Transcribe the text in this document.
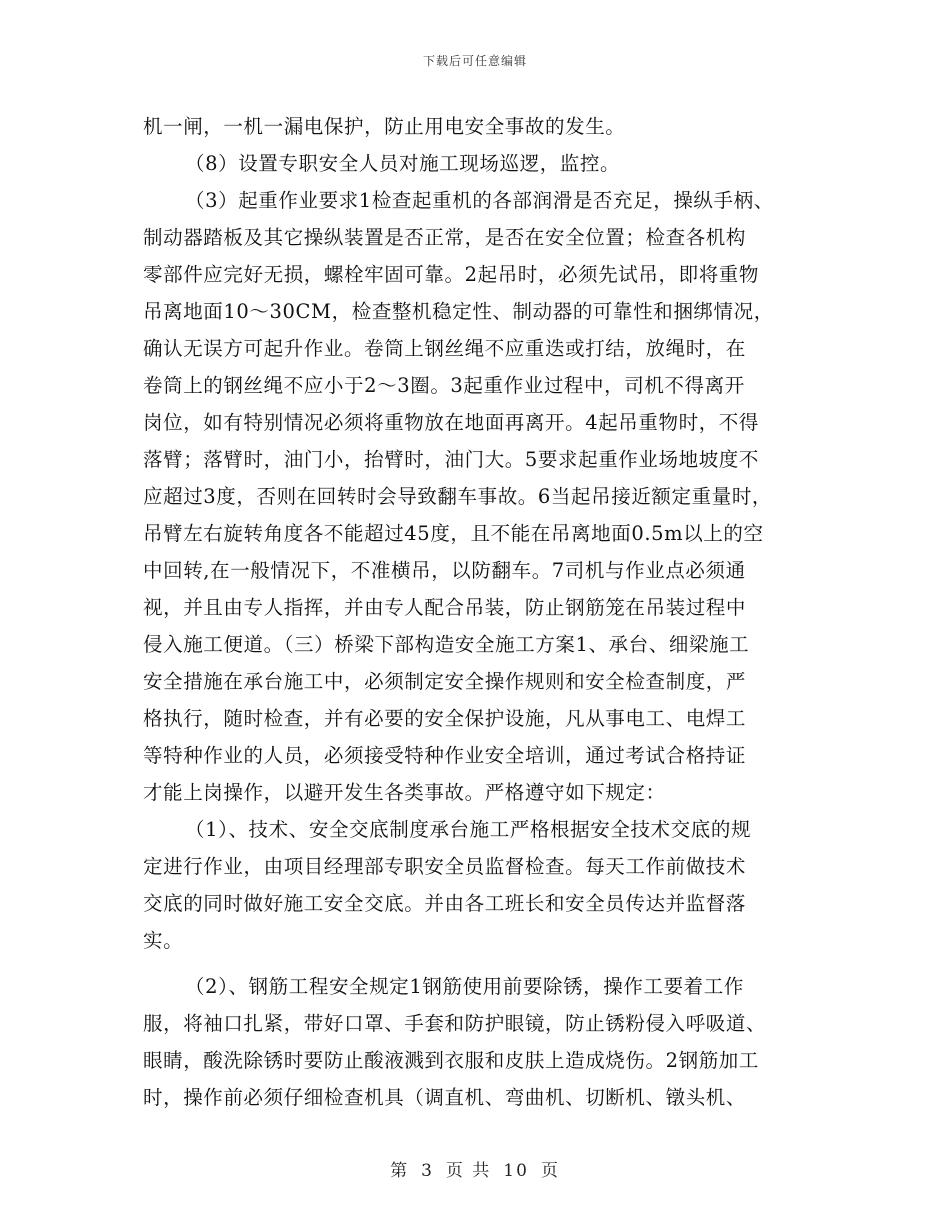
下载后可任意编辑
机一闸，一机一漏电保护，防止用电安全事故的发生。
（8）设置专职安全人员对施工现场巡逻，监控。
（3）起重作业要求1检查起重机的各部润滑是否充足，操纵手柄、
制动器踏板及其它操纵装置是否正常，是否在安全位置；检查各机构
零部件应完好无损，螺栓牢固可靠。2起吊时，必须先试吊，即将重物
吊离地面10～30CM，检查整机稳定性、制动器的可靠性和捆绑情况，
确认无误方可起升作业。卷筒上钢丝绳不应重迭或打结，放绳时，在
卷筒上的钢丝绳不应小于2～3圈。3起重作业过程中，司机不得离开
岗位，如有特别情况必须将重物放在地面再离开。4起吊重物时，不得
落臂；落臂时，油门小，抬臂时，油门大。5要求起重作业场地坡度不
应超过3度，否则在回转时会导致翻车事故。6当起吊接近额定重量时，
吊臂左右旋转角度各不能超过45度，且不能在吊离地面0.5m以上的空
中回转,在一般情况下，不准横吊，以防翻车。7司机与作业点必须通
视，并且由专人指挥，并由专人配合吊装，防止钢筋笼在吊装过程中
侵入施工便道。（三）桥梁下部构造安全施工方案1、承台、细梁施工
安全措施在承台施工中，必须制定安全操作规则和安全检查制度，严
格执行，随时检查，并有必要的安全保护设施，凡从事电工、电焊工
等特种作业的人员，必须接受特种作业安全培训，通过考试合格持证
才能上岗操作，以避开发生各类事故。严格遵守如下规定：
（1）、技术、安全交底制度承台施工严格根据安全技术交底的规
定进行作业，由项目经理部专职安全员监督检查。每天工作前做技术
交底的同时做好施工安全交底。并由各工班长和安全员传达并监督落
实。
（2）、钢筋工程安全规定1钢筋使用前要除锈，操作工要着工作
服，将袖口扎紧，带好口罩、手套和防护眼镜，防止锈粉侵入呼吸道、
眼睛，酸洗除锈时要防止酸液溅到衣服和皮肤上造成烧伤。2钢筋加工
时，操作前必须仔细检查机具（调直机、弯曲机、切断机、镦头机、
第 3 页 共 10 页
